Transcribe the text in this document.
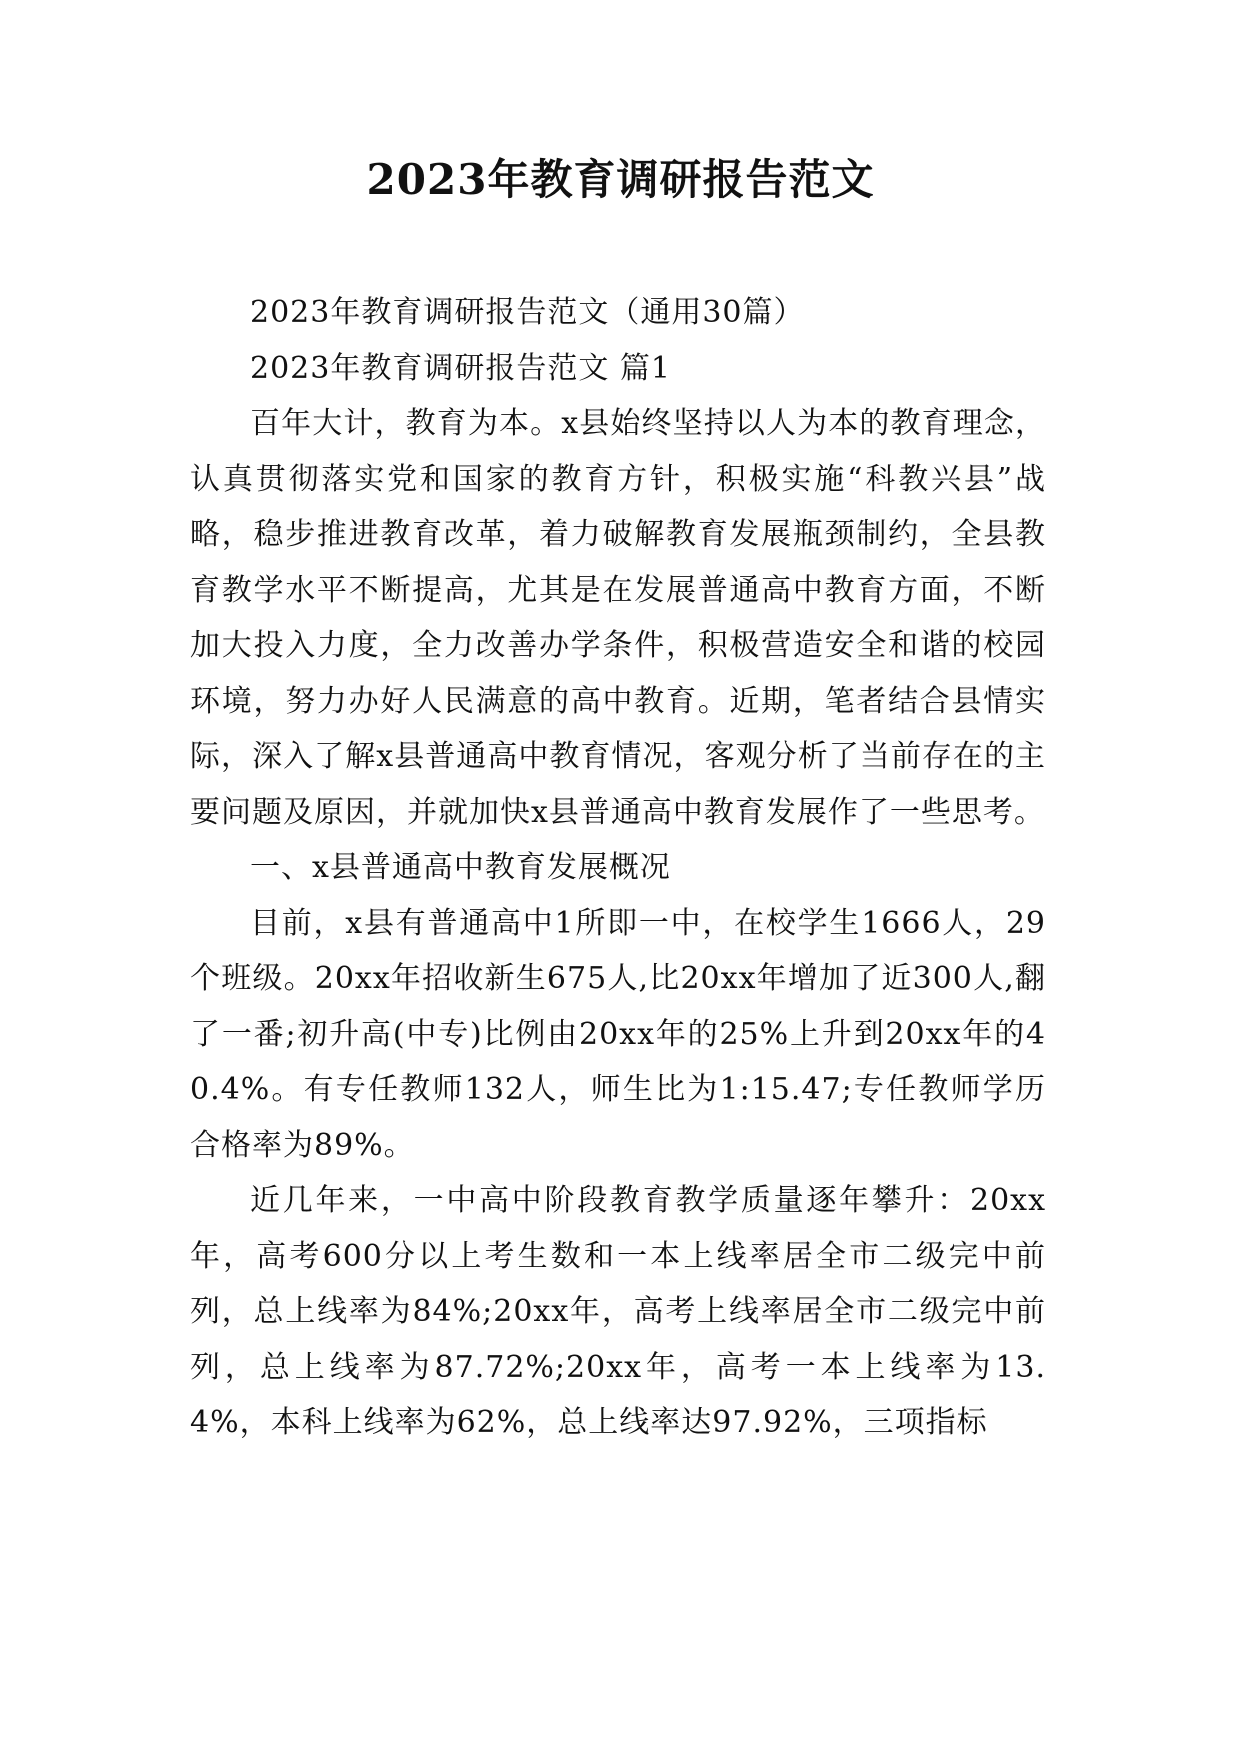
2023年教育调研报告范文

2023年教育调研报告范文（通用30篇）

2023年教育调研报告范文 篇1

百年大计，教育为本。x县始终坚持以人为本的教育理念，认真贯彻落实党和国家的教育方针，积极实施“科教兴县”战略，稳步推进教育改革，着力破解教育发展瓶颈制约，全县教育教学水平不断提高，尤其是在发展普通高中教育方面，不断加大投入力度，全力改善办学条件，积极营造安全和谐的校园环境，努力办好人民满意的高中教育。近期，笔者结合县情实际，深入了解x县普通高中教育情况，客观分析了当前存在的主要问题及原因，并就加快x县普通高中教育发展作了一些思考。

一、x县普通高中教育发展概况

目前，x县有普通高中1所即一中，在校学生1666人，29个班级。20xx年招收新生675人,比20xx年增加了近300人,翻了一番;初升高(中专)比例由20xx年的25%上升到20xx年的40.4%。有专任教师132人，师生比为1:15.47;专任教师学历合格率为89%。

近几年来，一中高中阶段教育教学质量逐年攀升：20xx年，高考600分以上考生数和一本上线率居全市二级完中前列，总上线率为84%;20xx年，高考上线率居全市二级完中前列，总上线率为87.72%;20xx年，高考一本上线率为13.4%，本科上线率为62%，总上线率达97.92%，三项指标
